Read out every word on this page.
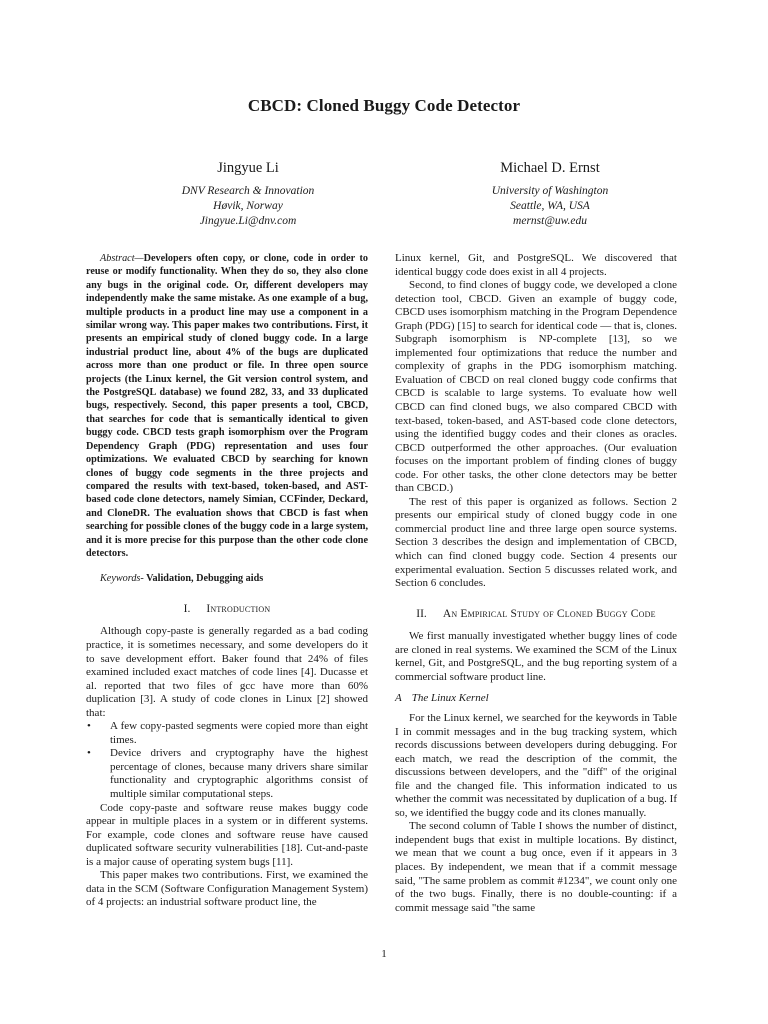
CBCD: Cloned Buggy Code Detector
Jingyue Li
DNV Research & Innovation
Høvik, Norway
Jingyue.Li@dnv.com
Michael D. Ernst
University of Washington
Seattle, WA, USA
mernst@uw.edu

Abstract—Developers often copy, or clone, code in order to reuse or modify functionality. When they do so, they also clone any bugs in the original code. Or, different developers may independently make the same mistake. As one example of a bug, multiple products in a product line may use a component in a similar wrong way. This paper makes two contributions. First, it presents an empirical study of cloned buggy code. In a large industrial product line, about 4% of the bugs are duplicated across more than one product or file. In three open source projects (the Linux kernel, the Git version control system, and the PostgreSQL database) we found 282, 33, and 33 duplicated bugs, respectively. Second, this paper presents a tool, CBCD, that searches for code that is semantically identical to given buggy code. CBCD tests graph isomorphism over the Program Dependency Graph (PDG) representation and uses four optimizations. We evaluated CBCD by searching for known clones of buggy code segments in the three projects and compared the results with text-based, token-based, and AST-based code clone detectors, namely Simian, CCFinder, Deckard, and CloneDR. The evaluation shows that CBCD is fast when searching for possible clones of the buggy code in a large system, and it is more precise for this purpose than the other code clone detectors.

Keywords- Validation, Debugging aids

I. Introduction

Although copy-paste is generally regarded as a bad coding practice, it is sometimes necessary, and some developers do it to save development effort. Baker found that 24% of files examined included exact matches of code lines [4]. Ducasse et al. reported that two files of gcc have more than 60% duplication [3]. A study of code clones in Linux [2] showed that:

• A few copy-pasted segments were copied more than eight times.
• Device drivers and cryptography have the highest percentage of clones, because many drivers share similar functionality and cryptographic algorithms consist of multiple similar computational steps.

Code copy-paste and software reuse makes buggy code appear in multiple places in a system or in different systems. For example, code clones and software reuse have caused duplicated software security vulnerabilities [18]. Cut-and-paste is a major cause of operating system bugs [11].

This paper makes two contributions. First, we examined the data in the SCM (Software Configuration Management System) of 4 projects: an industrial software product line, the

Linux kernel, Git, and PostgreSQL. We discovered that identical buggy code does exist in all 4 projects.

Second, to find clones of buggy code, we developed a clone detection tool, CBCD. Given an example of buggy code, CBCD uses isomorphism matching in the Program Dependence Graph (PDG) [15] to search for identical code — that is, clones. Subgraph isomorphism is NP-complete [13], so we implemented four optimizations that reduce the number and complexity of graphs in the PDG isomorphism matching. Evaluation of CBCD on real cloned buggy code confirms that CBCD is scalable to large systems. To evaluate how well CBCD can find cloned bugs, we also compared CBCD with text-based, token-based, and AST-based code clone detectors, using the identified buggy codes and their clones as oracles. CBCD outperformed the other approaches. (Our evaluation focuses on the important problem of finding clones of buggy code. For other tasks, the other clone detectors may be better than CBCD.)

The rest of this paper is organized as follows. Section 2 presents our empirical study of cloned buggy code in one commercial product line and three large open source systems. Section 3 describes the design and implementation of CBCD, which can find cloned buggy code. Section 4 presents our experimental evaluation. Section 5 discusses related work, and Section 6 concludes.

II. An Empirical Study of Cloned Buggy Code

We first manually investigated whether buggy lines of code are cloned in real systems. We examined the SCM of the Linux kernel, Git, and PostgreSQL, and the bug reporting system of a commercial software product line.

A The Linux Kernel

For the Linux kernel, we searched for the keywords in Table I in commit messages and in the bug tracking system, which records discussions between developers during debugging. For each match, we read the description of the commit, the discussions between developers, and the "diff" of the original file and the changed file. This information indicated to us whether the commit was necessitated by duplication of a bug. If so, we identified the buggy code and its clones manually.

The second column of Table I shows the number of distinct, independent bugs that exist in multiple locations. By distinct, we mean that we count a bug once, even if it appears in 3 places. By independent, we mean that if a commit message said, "The same problem as commit #1234", we count only one of the two bugs. Finally, there is no double-counting: if a commit message said "the same

1
